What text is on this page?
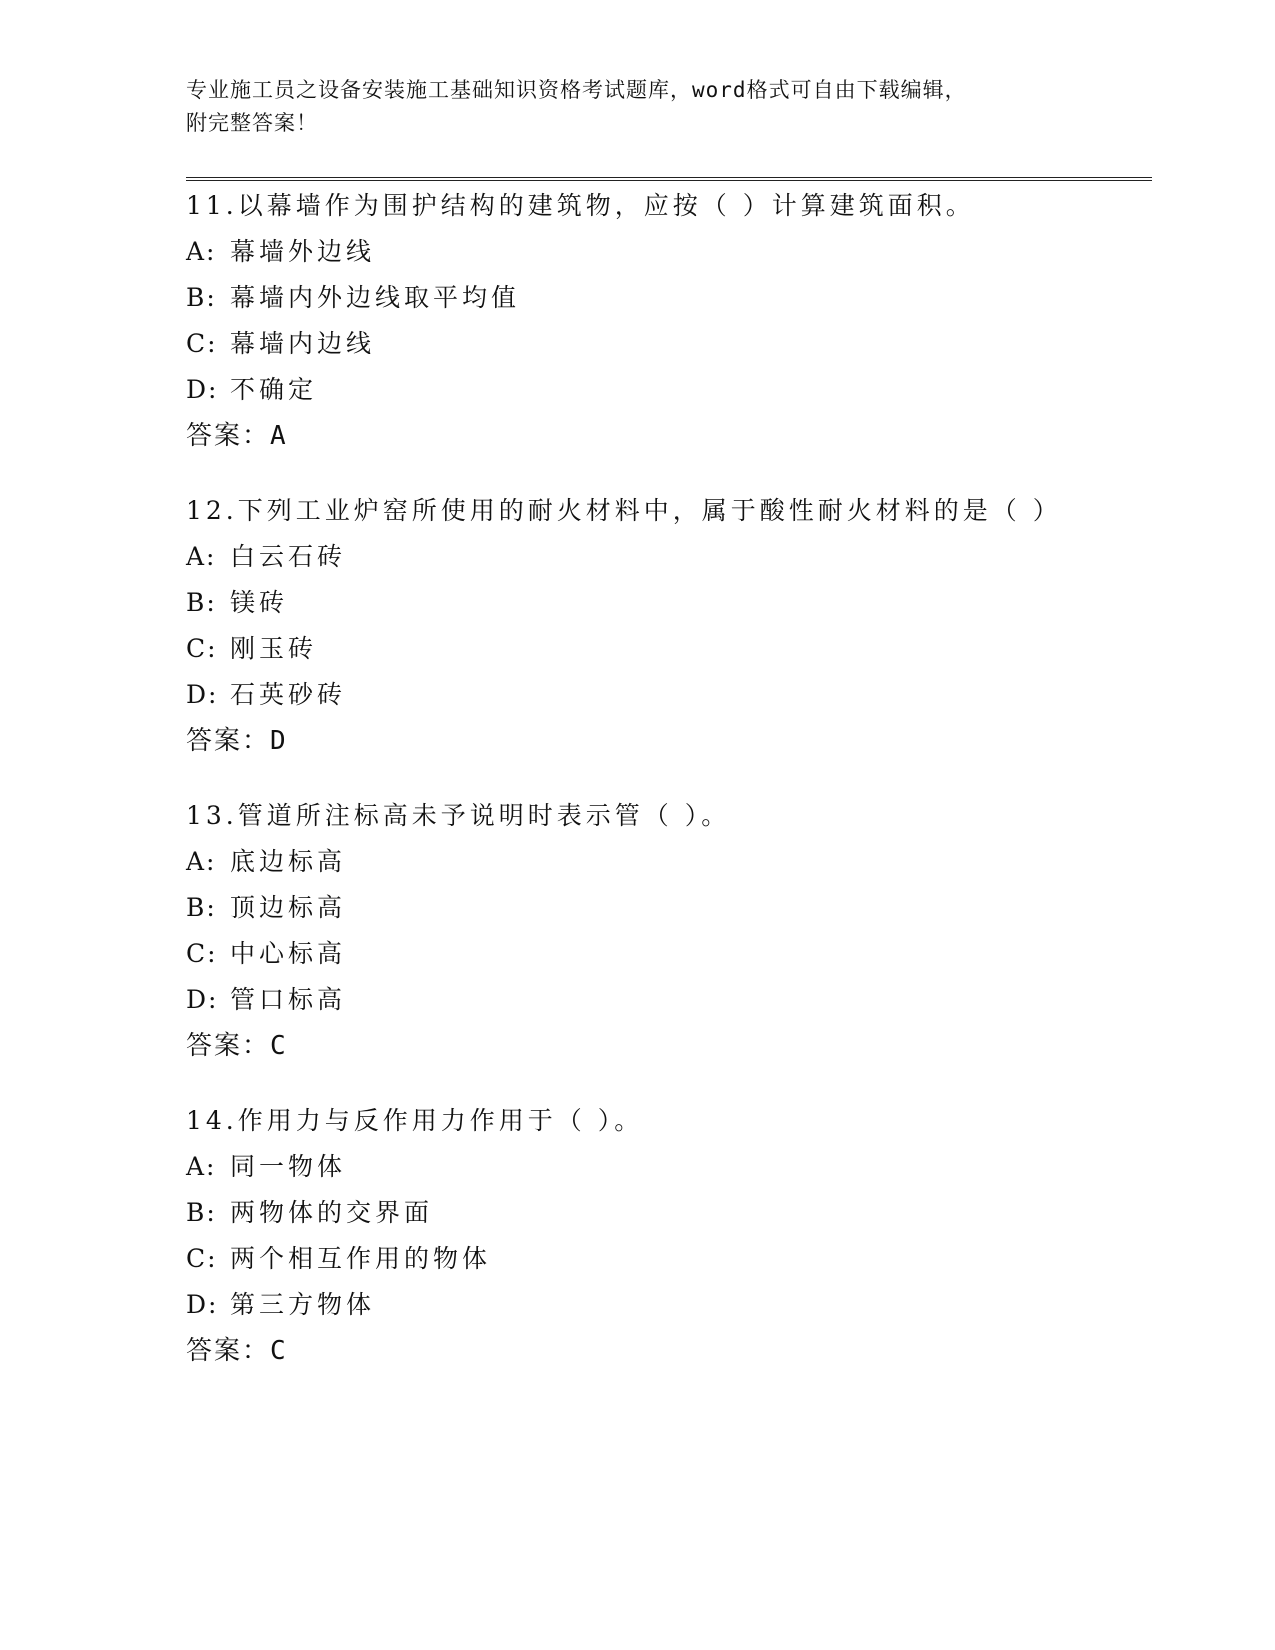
专业施工员之设备安装施工基础知识资格考试题库，word格式可自由下载编辑，
附完整答案！
11.以幕墙作为围护结构的建筑物，应按（ ）计算建筑面积。
A: 幕墙外边线
B: 幕墙内外边线取平均值
C: 幕墙内边线
D: 不确定
答案：A
12.下列工业炉窑所使用的耐火材料中，属于酸性耐火材料的是（ ）
A: 白云石砖
B: 镁砖
C: 刚玉砖
D: 石英砂砖
答案：D
13.管道所注标高未予说明时表示管（ ）。
A: 底边标高
B: 顶边标高
C: 中心标高
D: 管口标高
答案：C
14.作用力与反作用力作用于（ ）。
A: 同一物体
B: 两物体的交界面
C: 两个相互作用的物体
D: 第三方物体
答案：C
